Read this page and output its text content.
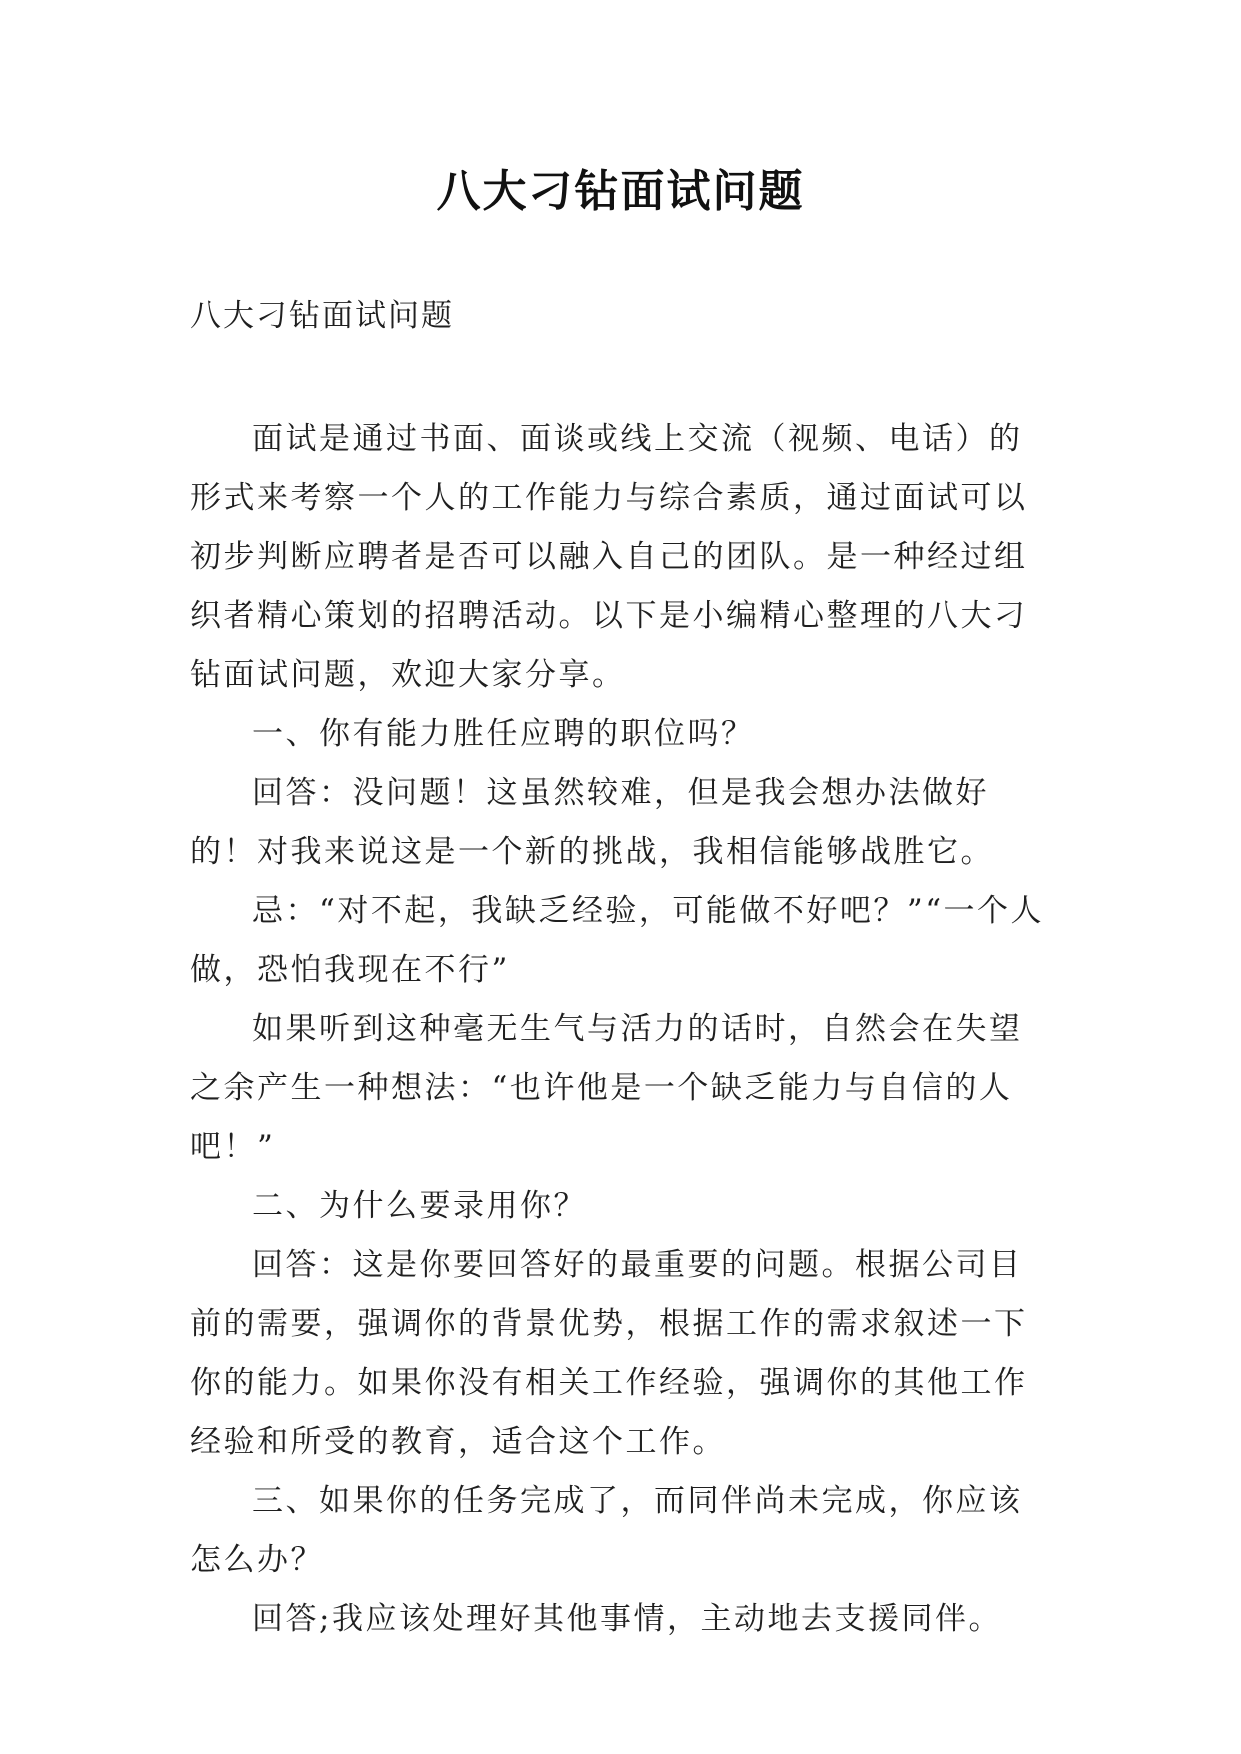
八大刁钻面试问题
八大刁钻面试问题

面试是通过书面、面谈或线上交流（视频、电话）的形式来考察一个人的工作能力与综合素质，通过面试可以初步判断应聘者是否可以融入自己的团队。是一种经过组织者精心策划的招聘活动。以下是小编精心整理的八大刁钻面试问题，欢迎大家分享。

一、你有能力胜任应聘的职位吗？

回答：没问题！这虽然较难，但是我会想办法做好的！对我来说这是一个新的挑战，我相信能够战胜它。

忌：“对不起，我缺乏经验，可能做不好吧？”“一个人做，恐怕我现在不行”

如果听到这种毫无生气与活力的话时，自然会在失望之余产生一种想法：“也许他是一个缺乏能力与自信的人吧！”

二、为什么要录用你？

回答：这是你要回答好的最重要的问题。根据公司目前的需要，强调你的背景优势，根据工作的需求叙述一下你的能力。如果你没有相关工作经验，强调你的其他工作经验和所受的教育，适合这个工作。

三、如果你的任务完成了，而同伴尚未完成，你应该怎么办？

回答;我应该处理好其他事情，主动地去支援同伴。
